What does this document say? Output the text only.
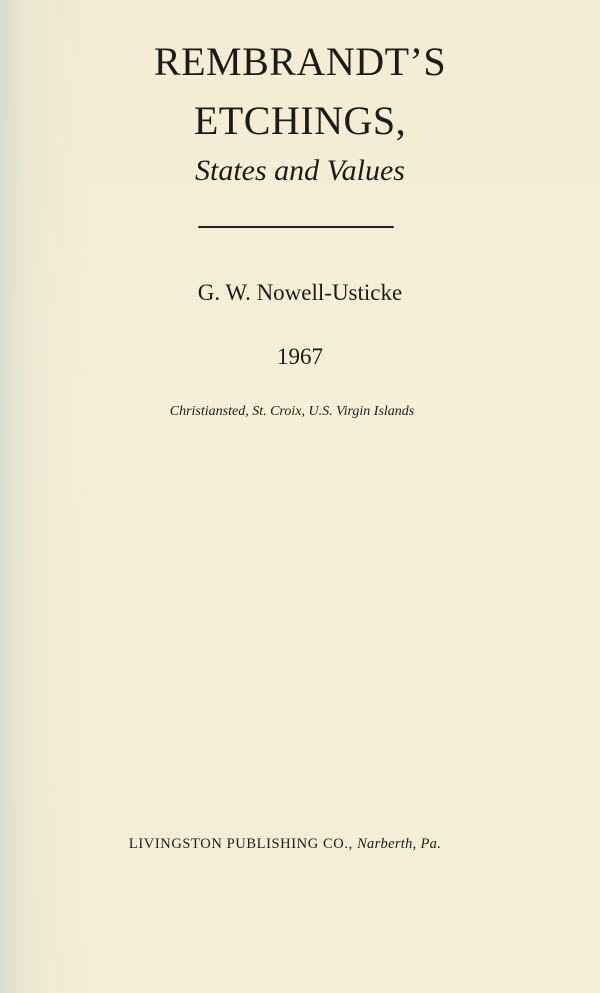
REMBRANDT’S
ETCHINGS,
States and Values
G. W. Nowell-Usticke
1967
Christiansted, St. Croix, U.S. Virgin Islands
LIVINGSTON PUBLISHING CO., Narberth, Pa.
